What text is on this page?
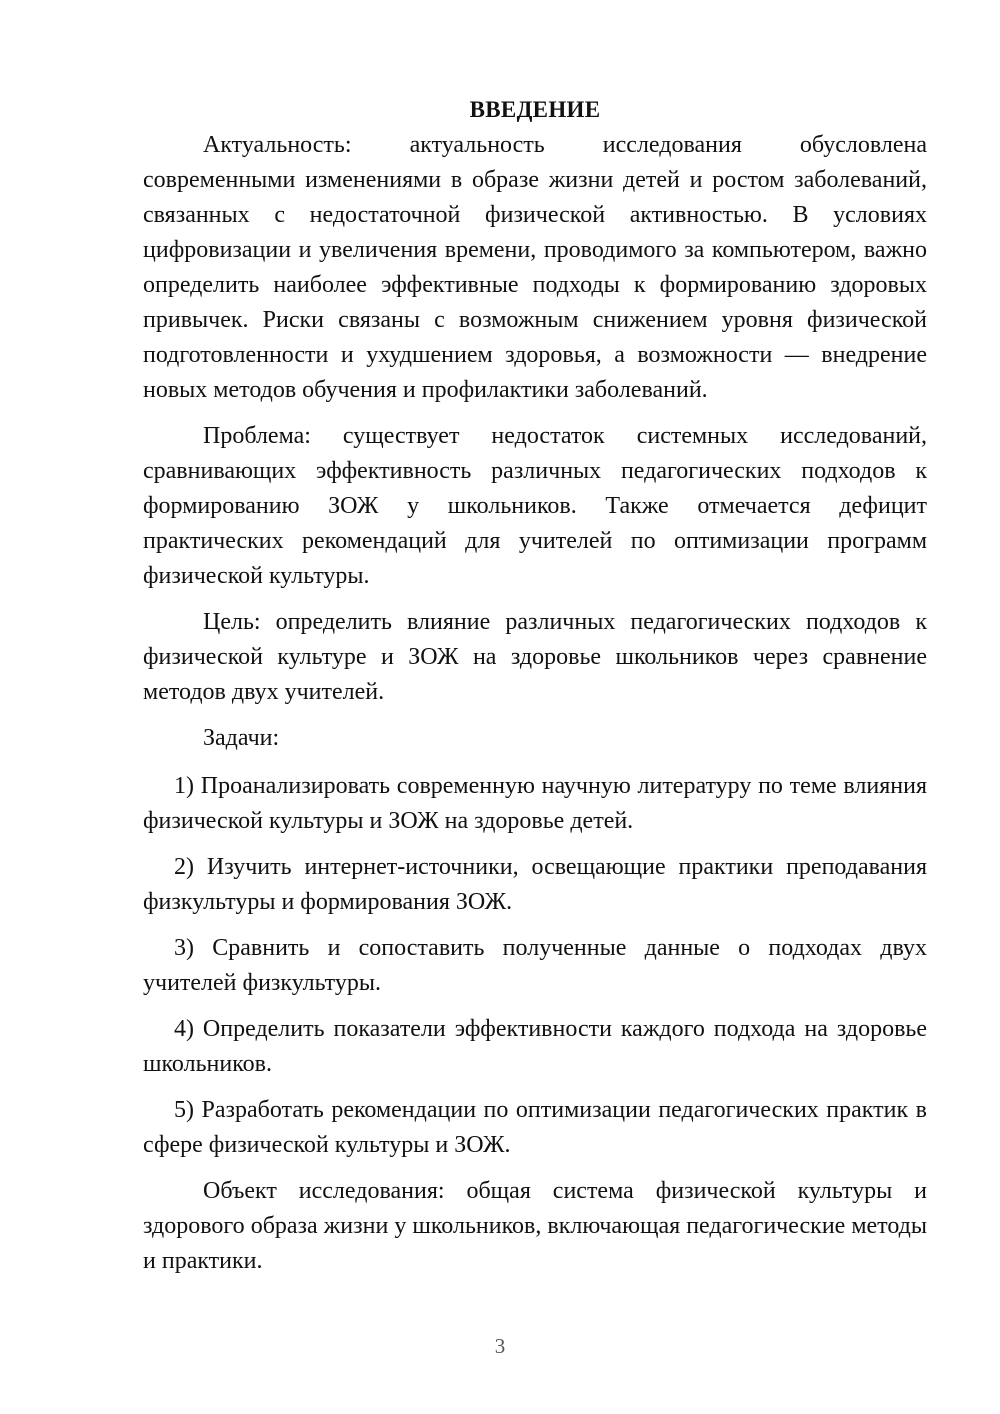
ВВЕДЕНИЕ

Актуальность: актуальность исследования обусловлена современными изменениями в образе жизни детей и ростом заболеваний, связанных с недостаточной физической активностью. В условиях цифровизации и увеличения времени, проводимого за компьютером, важно определить наиболее эффективные подходы к формированию здоровых привычек. Риски связаны с возможным снижением уровня физической подготовленности и ухудшением здоровья, а возможности — внедрение новых методов обучения и профилактики заболеваний.

Проблема: существует недостаток системных исследований, сравнивающих эффективность различных педагогических подходов к формированию ЗОЖ у школьников. Также отмечается дефицит практических рекомендаций для учителей по оптимизации программ физической культуры.

Цель: определить влияние различных педагогических подходов к физической культуре и ЗОЖ на здоровье школьников через сравнение методов двух учителей.

Задачи:

1) Проанализировать современную научную литературу по теме влияния физической культуры и ЗОЖ на здоровье детей.

2) Изучить интернет-источники, освещающие практики преподавания физкультуры и формирования ЗОЖ.

3) Сравнить и сопоставить полученные данные о подходах двух учителей физкультуры.

4) Определить показатели эффективности каждого подхода на здоровье школьников.

5) Разработать рекомендации по оптимизации педагогических практик в сфере физической культуры и ЗОЖ.

Объект исследования: общая система физической культуры и здорового образа жизни у школьников, включающая педагогические методы и практики.

3
